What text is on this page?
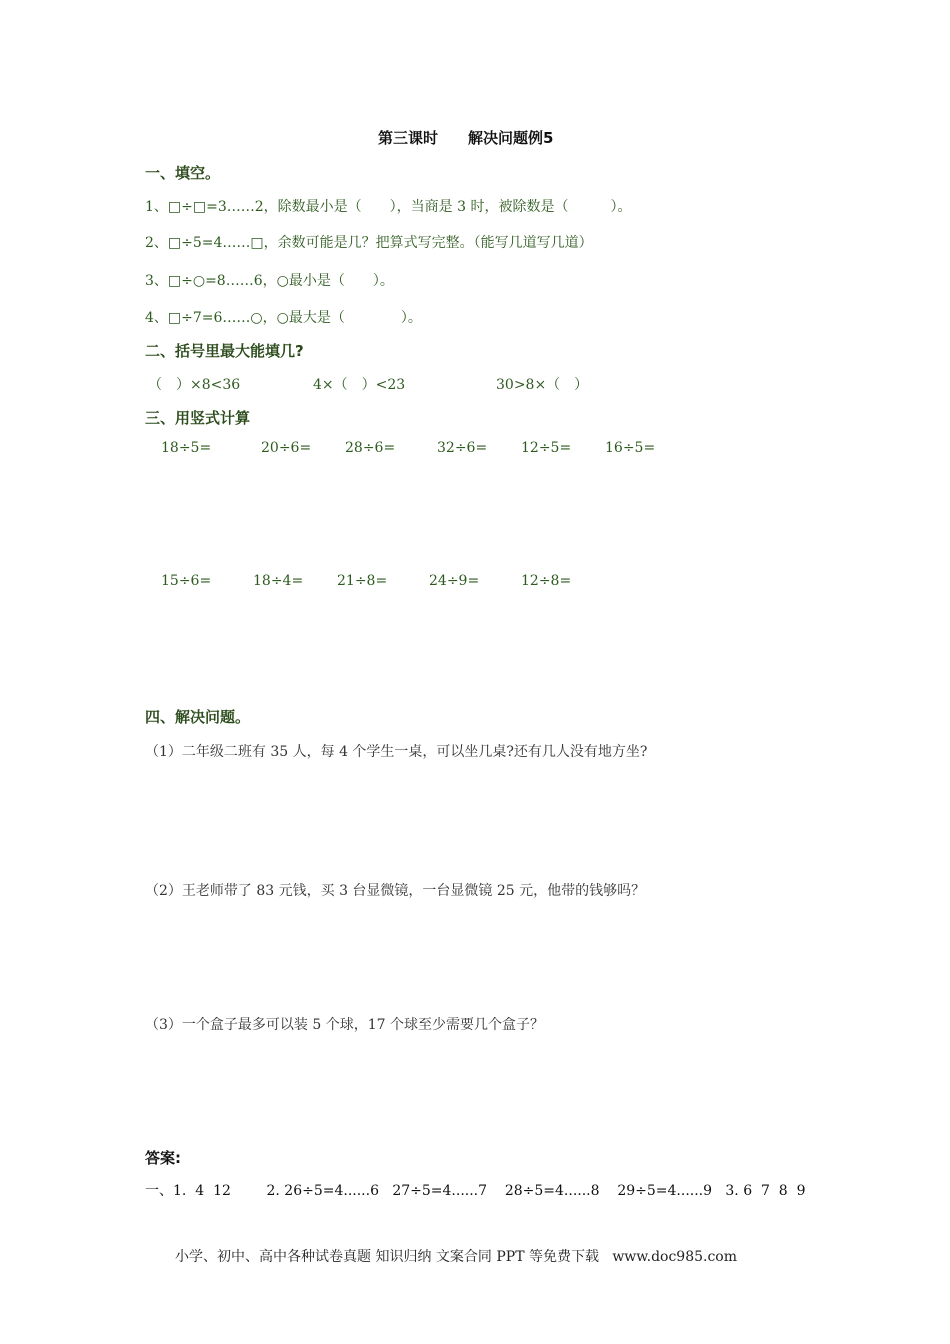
第三课时　　解决问题例5
一、填空。
1、□÷□=3……2，除数最小是（　　），当商是 3 时，被除数是（　　　）。
2、□÷5=4……□，余数可能是几？把算式写完整。（能写几道写几道）
3、□÷○=8……6，○最小是（　　）。
4、□÷7=6……○，○最大是（　　　　）。
二、括号里最大能填几?
（　）×8<36	4×（　）<23	30>8×（　）
三、用竖式计算
18÷5=	20÷6= 28÷6=	32÷6= 12÷5= 16÷5=
15÷6=	18÷4= 21÷8=	24÷9=	12÷8=
四、解决问题。
（1）二年级二班有 35 人，每 4 个学生一桌，可以坐几桌?还有几人没有地方坐?
（2）王老师带了 83 元钱，买 3 台显微镜，一台显微镜 25 元，他带的钱够吗？
（3）一个盒子最多可以装 5 个球，17 个球至少需要几个盒子？
答案:
一、1.  4  12        2. 26÷5=4......6   27÷5=4......7    28÷5=4......8    29÷5=4......9   3. 6  7  8  9
小学、初中、高中各种试卷真题 知识归纳 文案合同 PPT 等免费下载   www.doc985.com
